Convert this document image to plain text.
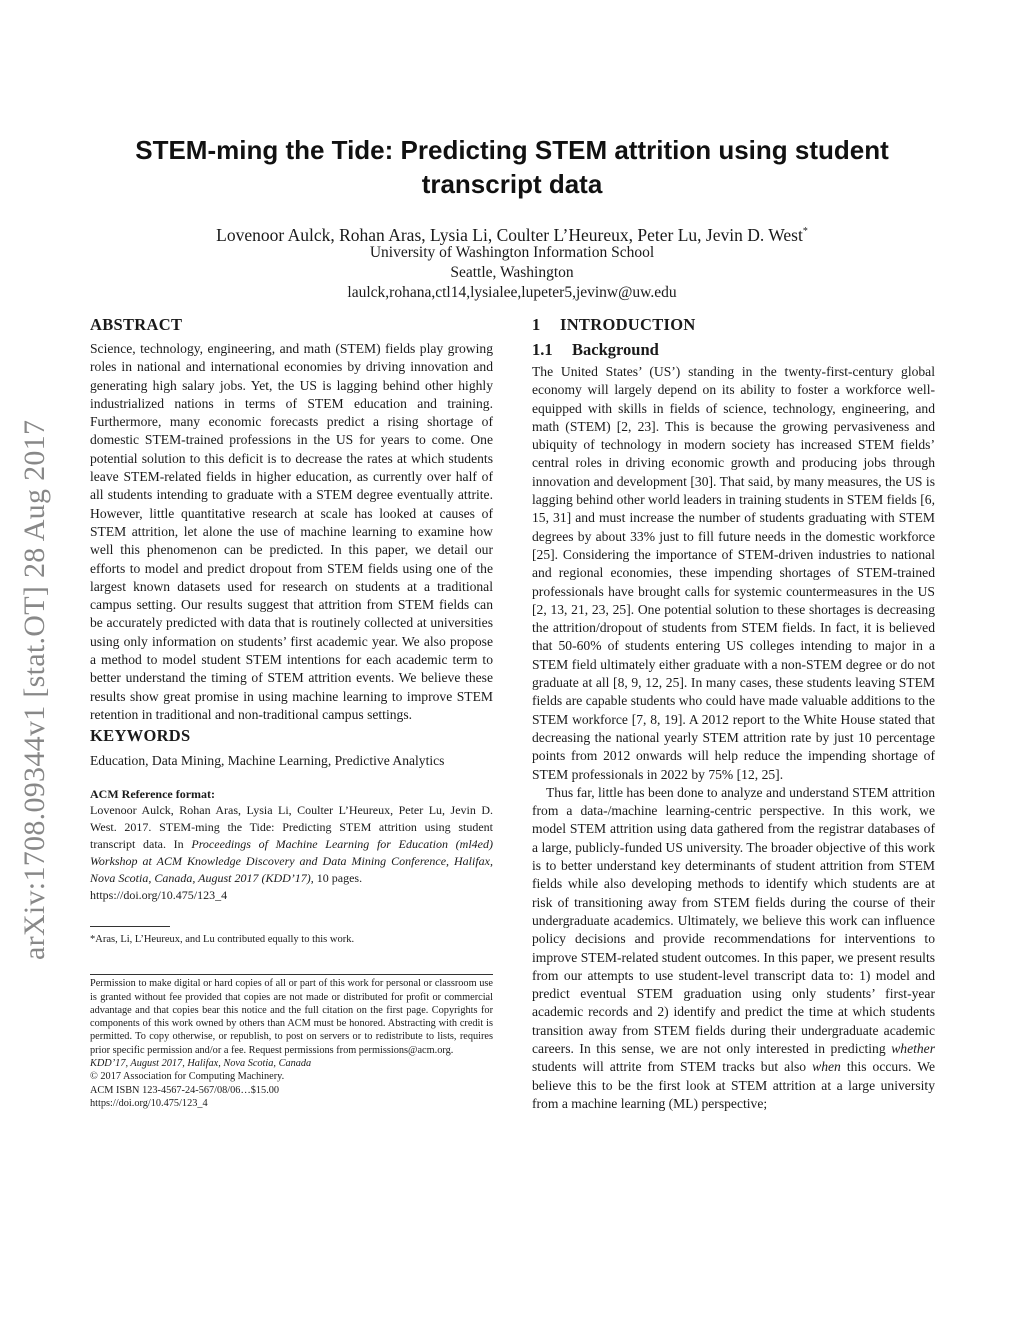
arXiv:1708.09344v1 [stat.OT] 28 Aug 2017
STEM-ming the Tide: Predicting STEM attrition using student transcript data
Lovenoor Aulck, Rohan Aras, Lysia Li, Coulter L’Heureux, Peter Lu, Jevin D. West*
University of Washington Information School
Seattle, Washington
laulck,rohana,ctl14,lysialee,lupeter5,jevinw@uw.edu
ABSTRACT

Science, technology, engineering, and math (STEM) fields play growing roles in national and international economies by driving innovation and generating high salary jobs. Yet, the US is lagging behind other highly industrialized nations in terms of STEM education and training. Furthermore, many economic forecasts predict a rising shortage of domestic STEM-trained professions in the US for years to come. One potential solution to this deficit is to decrease the rates at which students leave STEM-related fields in higher education, as currently over half of all students intending to graduate with a STEM degree eventually attrite. However, little quantitative research at scale has looked at causes of STEM attrition, let alone the use of machine learning to examine how well this phenomenon can be predicted. In this paper, we detail our efforts to model and predict dropout from STEM fields using one of the largest known datasets used for research on students at a traditional campus setting. Our results suggest that attrition from STEM fields can be accurately predicted with data that is routinely collected at universities using only information on students’ first academic year. We also propose a method to model student STEM intentions for each academic term to better understand the timing of STEM attrition events. We believe these results show great promise in using machine learning to improve STEM retention in traditional and non-traditional campus settings.

KEYWORDS
Education, Data Mining, Machine Learning, Predictive Analytics
ACM Reference format:
Lovenoor Aulck, Rohan Aras, Lysia Li, Coulter L’Heureux, Peter Lu, Jevin D. West. 2017. STEM-ming the Tide: Predicting STEM attrition using student transcript data. In Proceedings of Machine Learning for Education (ml4ed) Workshop at ACM Knowledge Discovery and Data Mining Conference, Halifax, Nova Scotia, Canada, August 2017 (KDD’17), 10 pages.
https://doi.org/10.475/123_4
*Aras, Li, L’Heureux, and Lu contributed equally to this work.
Permission to make digital or hard copies of all or part of this work for personal or classroom use is granted without fee provided that copies are not made or distributed for profit or commercial advantage and that copies bear this notice and the full citation on the first page. Copyrights for components of this work owned by others than ACM must be honored. Abstracting with credit is permitted. To copy otherwise, or republish, to post on servers or to redistribute to lists, requires prior specific permission and/or a fee. Request permissions from permissions@acm.org.
KDD’17, August 2017, Halifax, Nova Scotia, Canada
© 2017 Association for Computing Machinery.
ACM ISBN 123-4567-24-567/08/06…$15.00
https://doi.org/10.475/123_4
1 INTRODUCTION
1.1 Background

The United States’ (US’) standing in the twenty-first-century global economy will largely depend on its ability to foster a workforce well-equipped with skills in fields of science, technology, engineering, and math (STEM) [2, 23]. This is because the growing pervasiveness and ubiquity of technology in modern society has increased STEM fields’ central roles in driving economic growth and producing jobs through innovation and development [30]. That said, by many measures, the US is lagging behind other world leaders in training students in STEM fields [6, 15, 31] and must increase the number of students graduating with STEM degrees by about 33% just to fill future needs in the domestic workforce [25]. Considering the importance of STEM-driven industries to national and regional economies, these impending shortages of STEM-trained professionals have brought calls for systemic countermeasures in the US [2, 13, 21, 23, 25]. One potential solution to these shortages is decreasing the attrition/dropout of students from STEM fields. In fact, it is believed that 50-60% of students entering US colleges intending to major in a STEM field ultimately either graduate with a non-STEM degree or do not graduate at all [8, 9, 12, 25]. In many cases, these students leaving STEM fields are capable students who could have made valuable additions to the STEM workforce [7, 8, 19]. A 2012 report to the White House stated that decreasing the national yearly STEM attrition rate by just 10 percentage points from 2012 onwards will help reduce the impending shortage of STEM professionals in 2022 by 75% [12, 25].

Thus far, little has been done to analyze and understand STEM attrition from a data-/machine learning-centric perspective. In this work, we model STEM attrition using data gathered from the registrar databases of a large, publicly-funded US university. The broader objective of this work is to better understand key determinants of student attrition from STEM fields while also developing methods to identify which students are at risk of transitioning away from STEM fields during the course of their undergraduate academics. Ultimately, we believe this work can influence policy decisions and provide recommendations for interventions to improve STEM-related student outcomes. In this paper, we present results from our attempts to use student-level transcript data to: 1) model and predict eventual STEM graduation using only students’ first-year academic records and 2) identify and predict the time at which students transition away from STEM fields during their undergraduate academic careers. In this sense, we are not only interested in predicting whether students will attrite from STEM tracks but also when this occurs. We believe this to be the first look at STEM attrition at a large university from a machine learning (ML) perspective;
